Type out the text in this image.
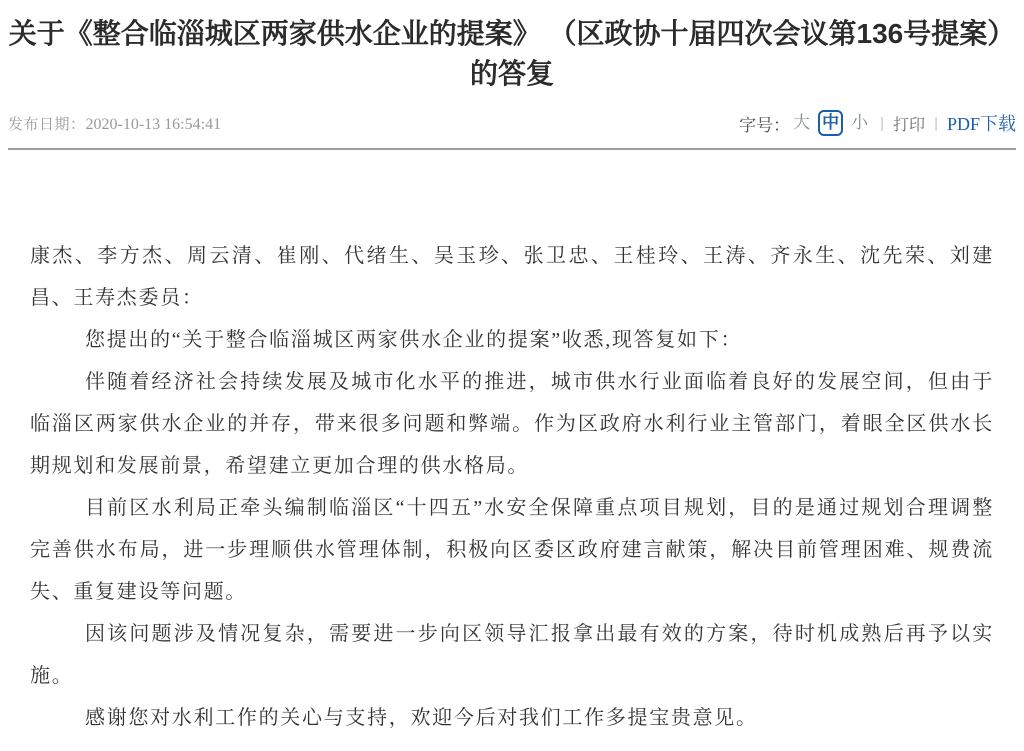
关于《整合临淄城区两家供水企业的提案》 （区政协十届四次会议第136号提案）
的答复
发布日期：2020-10-13 16:54:41	字号： 大 中 小 | 打印 | PDF下载

康杰、李方杰、周云清、崔刚、代绪生、吴玉珍、张卫忠、王桂玲、王涛、齐永生、沈先荣、刘建昌、王寿杰委员：

您提出的“关于整合临淄城区两家供水企业的提案”收悉,现答复如下：

伴随着经济社会持续发展及城市化水平的推进，城市供水行业面临着良好的发展空间，但由于临淄区两家供水企业的并存，带来很多问题和弊端。作为区政府水利行业主管部门，着眼全区供水长期规划和发展前景，希望建立更加合理的供水格局。

目前区水利局正牵头编制临淄区“十四五”水安全保障重点项目规划，目的是通过规划合理调整完善供水布局，进一步理顺供水管理体制，积极向区委区政府建言献策，解决目前管理困难、规费流失、重复建设等问题。

因该问题涉及情况复杂，需要进一步向区领导汇报拿出最有效的方案，待时机成熟后再予以实施。

感谢您对水利工作的关心与支持，欢迎今后对我们工作多提宝贵意见。
